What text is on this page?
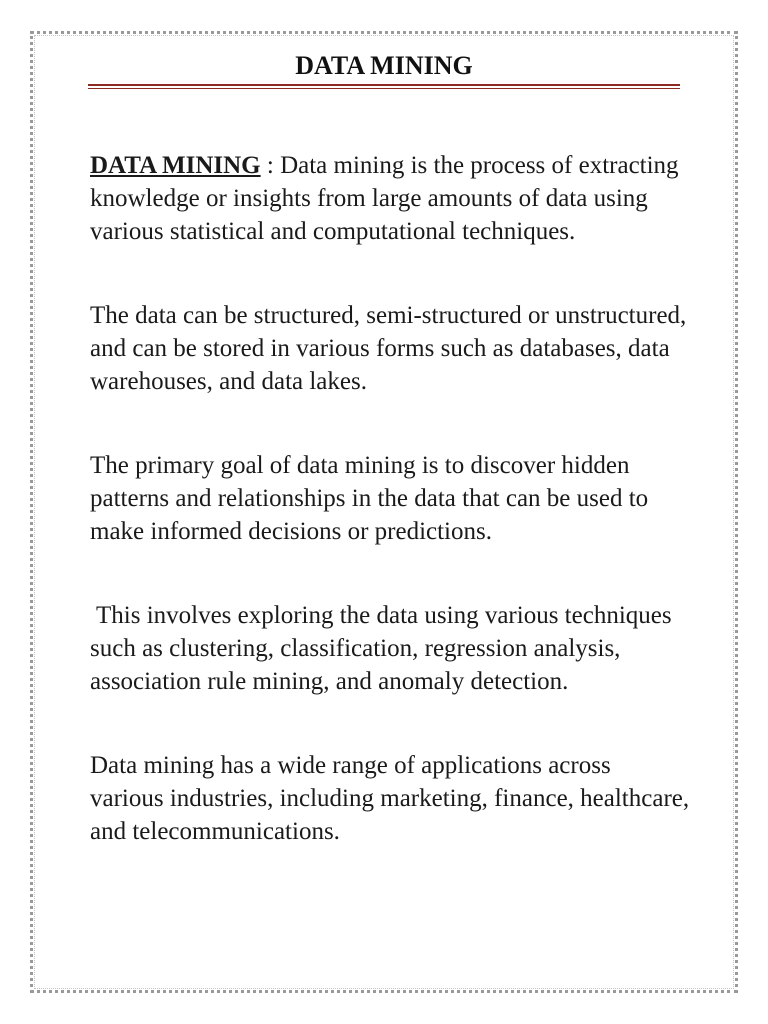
DATA MINING

DATA MINING : Data mining is the process of extracting knowledge or insights from large amounts of data using various statistical and computational techniques.

The data can be structured, semi-structured or unstructured, and can be stored in various forms such as databases, data warehouses, and data lakes.

The primary goal of data mining is to discover hidden patterns and relationships in the data that can be used to make informed decisions or predictions.

This involves exploring the data using various techniques such as clustering, classification, regression analysis, association rule mining, and anomaly detection.

Data mining has a wide range of applications across various industries, including marketing, finance, healthcare, and telecommunications.
